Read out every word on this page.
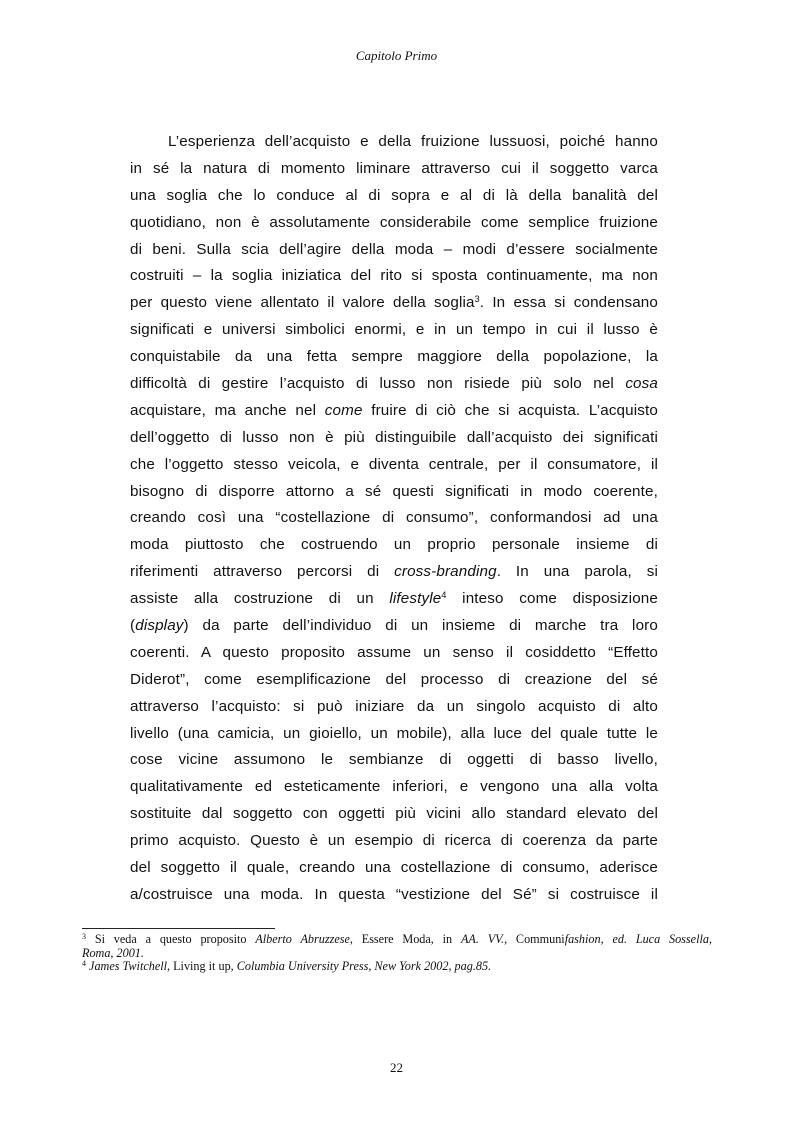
Capitolo Primo
L’esperienza dell’acquisto e della fruizione lussuosi, poiché hanno
in sé la natura di momento liminare attraverso cui il soggetto varca
una soglia che lo conduce al di sopra e al di là della banalità del
quotidiano, non è assolutamente considerabile come semplice fruizione
di beni. Sulla scia dell’agire della moda – modi d’essere socialmente
costruiti – la soglia iniziatica del rito si sposta continuamente, ma non
per questo viene allentato il valore della soglia$^3$. In essa si condensano
significati e universi simbolici enormi, e in un tempo in cui il lusso è
conquistabile da una fetta sempre maggiore della popolazione, la
difficoltà di gestire l’acquisto di lusso non risiede più solo nel cosa
acquistare, ma anche nel come fruire di ciò che si acquista. L’acquisto
dell’oggetto di lusso non è più distinguibile dall’acquisto dei significati
che l’oggetto stesso veicola, e diventa centrale, per il consumatore, il
bisogno di disporre attorno a sé questi significati in modo coerente,
creando così una “costellazione di consumo”, conformandosi ad una
moda piuttosto che costruendo un proprio personale insieme di
riferimenti attraverso percorsi di cross-branding. In una parola, si
assiste alla costruzione di un lifestyle$^4$ inteso come disposizione
(display) da parte dell’individuo di un insieme di marche tra loro
coerenti. A questo proposito assume un senso il cosiddetto “Effetto
Diderot”, come esemplificazione del processo di creazione del sé
attraverso l’acquisto: si può iniziare da un singolo acquisto di alto
livello (una camicia, un gioiello, un mobile), alla luce del quale tutte le
cose vicine assumono le sembianze di oggetti di basso livello,
qualitativamente ed esteticamente inferiori, e vengono una alla volta
sostituite dal soggetto con oggetti più vicini allo standard elevato del
primo acquisto. Questo è un esempio di ricerca di coerenza da parte
del soggetto il quale, creando una costellazione di consumo, aderisce
a/costruisce una moda. In questa “vestizione del Sé” si costruisce il
$^3$ Si veda a questo proposito Alberto Abruzzese, Essere Moda, in AA. VV., Communifashion, ed. Luca Sossella,
Roma, 2001.
$^4$ James Twitchell, Living it up, Columbia University Press, New York 2002, pag.85.
22
